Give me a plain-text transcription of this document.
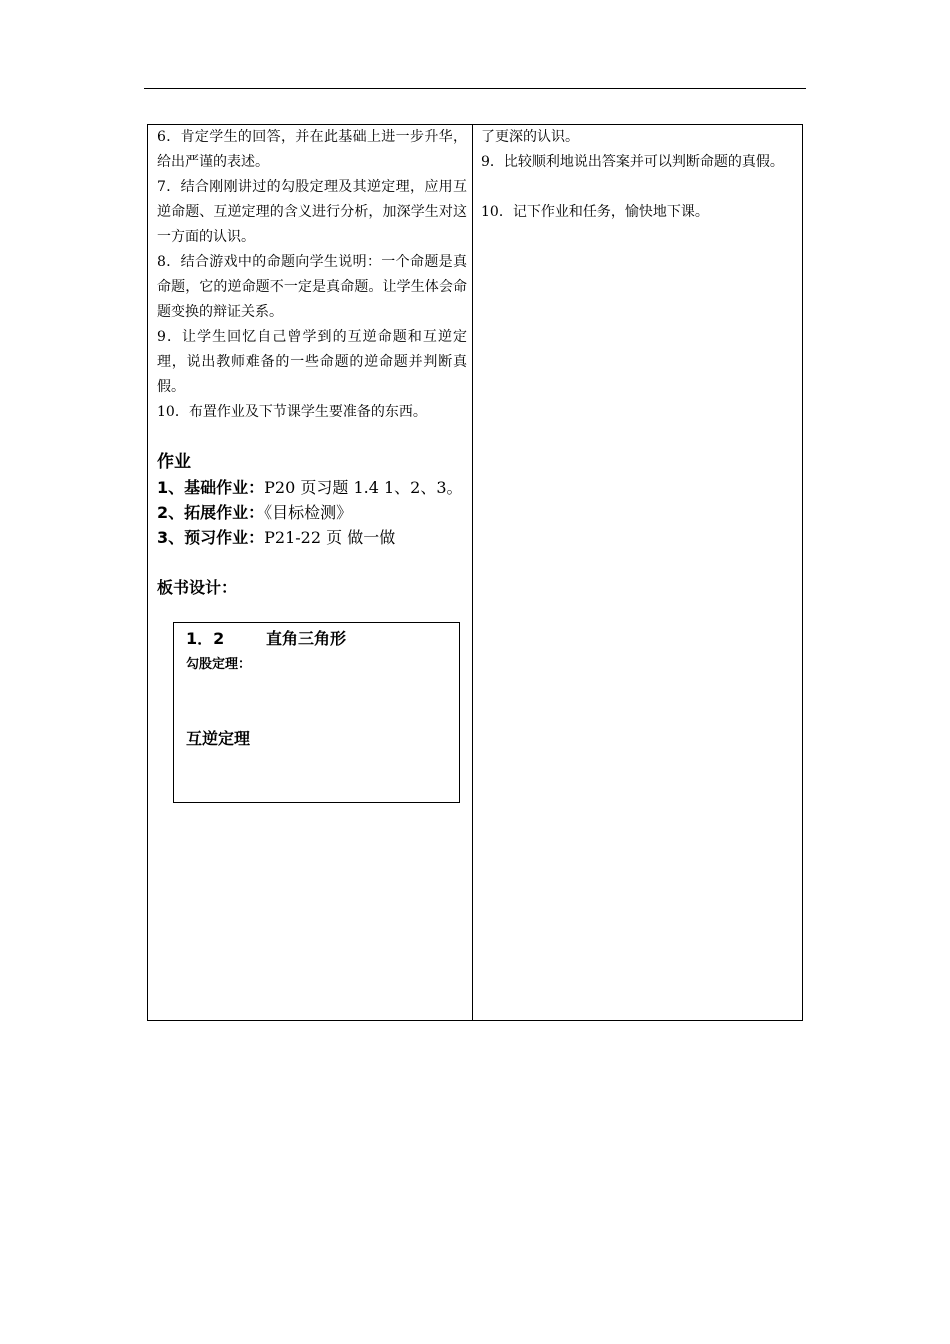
6．肯定学生的回答，并在此基础上进一步升华，给出严谨的表述。

7．结合刚刚讲过的勾股定理及其逆定理，应用互逆命题、互逆定理的含义进行分析，加深学生对这一方面的认识。

8．结合游戏中的命题向学生说明：一个命题是真命题，它的逆命题不一定是真命题。让学生体会命题变换的辩证关系。

9．让学生回忆自己曾学到的互逆命题和互逆定理，说出教师难备的一些命题的逆命题并判断真假。

10．布置作业及下节课学生要准备的东西。

作业

1、基础作业：P20 页习题 1.4 1、2、3。

2、拓展作业：《目标检测》

3、预习作业：P21-22 页 做一做

板书设计：

1．2	直角三角形
勾股定理：
互逆定理

了更深的认识。

9．比较顺利地说出答案并可以判断命题的真假。

10．记下作业和任务，愉快地下课。
